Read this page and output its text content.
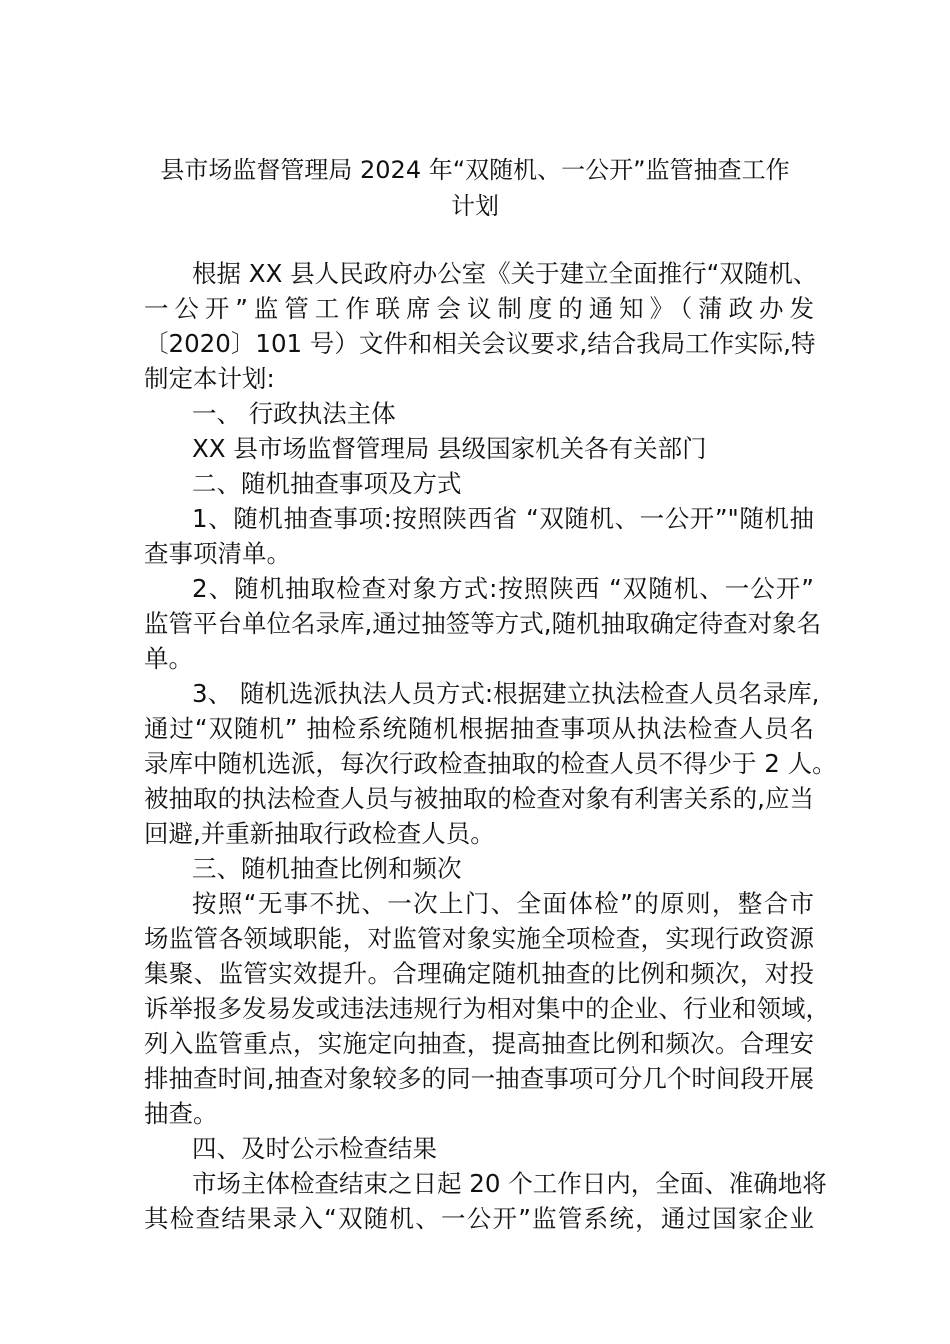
县市场监督管理局 2024 年“双随机、一公开”监管抽查工作
计划
根据 XX 县人民政府办公室《关于建立全面推行“双随机、
一公开”监管工作联席会议制度的通知》（蒲政办发
〔2020〕101 号）文件和相关会议要求,结合我局工作实际,特
制定本计划:
一、 行政执法主体
XX 县市场监督管理局 县级国家机关各有关部门
二、随机抽查事项及方式
1、随机抽查事项:按照陕西省 “双随机、一公开”"随机抽
查事项清单。
2、随机抽取检查对象方式:按照陕西 “双随机、一公开”
监管平台单位名录库,通过抽签等方式,随机抽取确定待查对象名
单。
3、 随机选派执法人员方式:根据建立执法检查人员名录库,
通过“双随机” 抽检系统随机根据抽查事项从执法检查人员名
录库中随机选派，每次行政检查抽取的检查人员不得少于 2 人。
被抽取的执法检查人员与被抽取的检查对象有利害关系的,应当
回避,并重新抽取行政检查人员。
三、随机抽查比例和频次
按照“无事不扰、一次上门、全面体检”的原则，整合市
场监管各领域职能，对监管对象实施全项检查，实现行政资源
集聚、监管实效提升。合理确定随机抽查的比例和频次，对投
诉举报多发易发或违法违规行为相对集中的企业、行业和领域，
列入监管重点，实施定向抽查，提高抽查比例和频次。合理安
排抽查时间,抽查对象较多的同一抽查事项可分几个时间段开展
抽查。
四、及时公示检查结果
市场主体检查结束之日起 20 个工作日内，全面、准确地将
其检查结果录入“双随机、一公开”监管系统，通过国家企业
